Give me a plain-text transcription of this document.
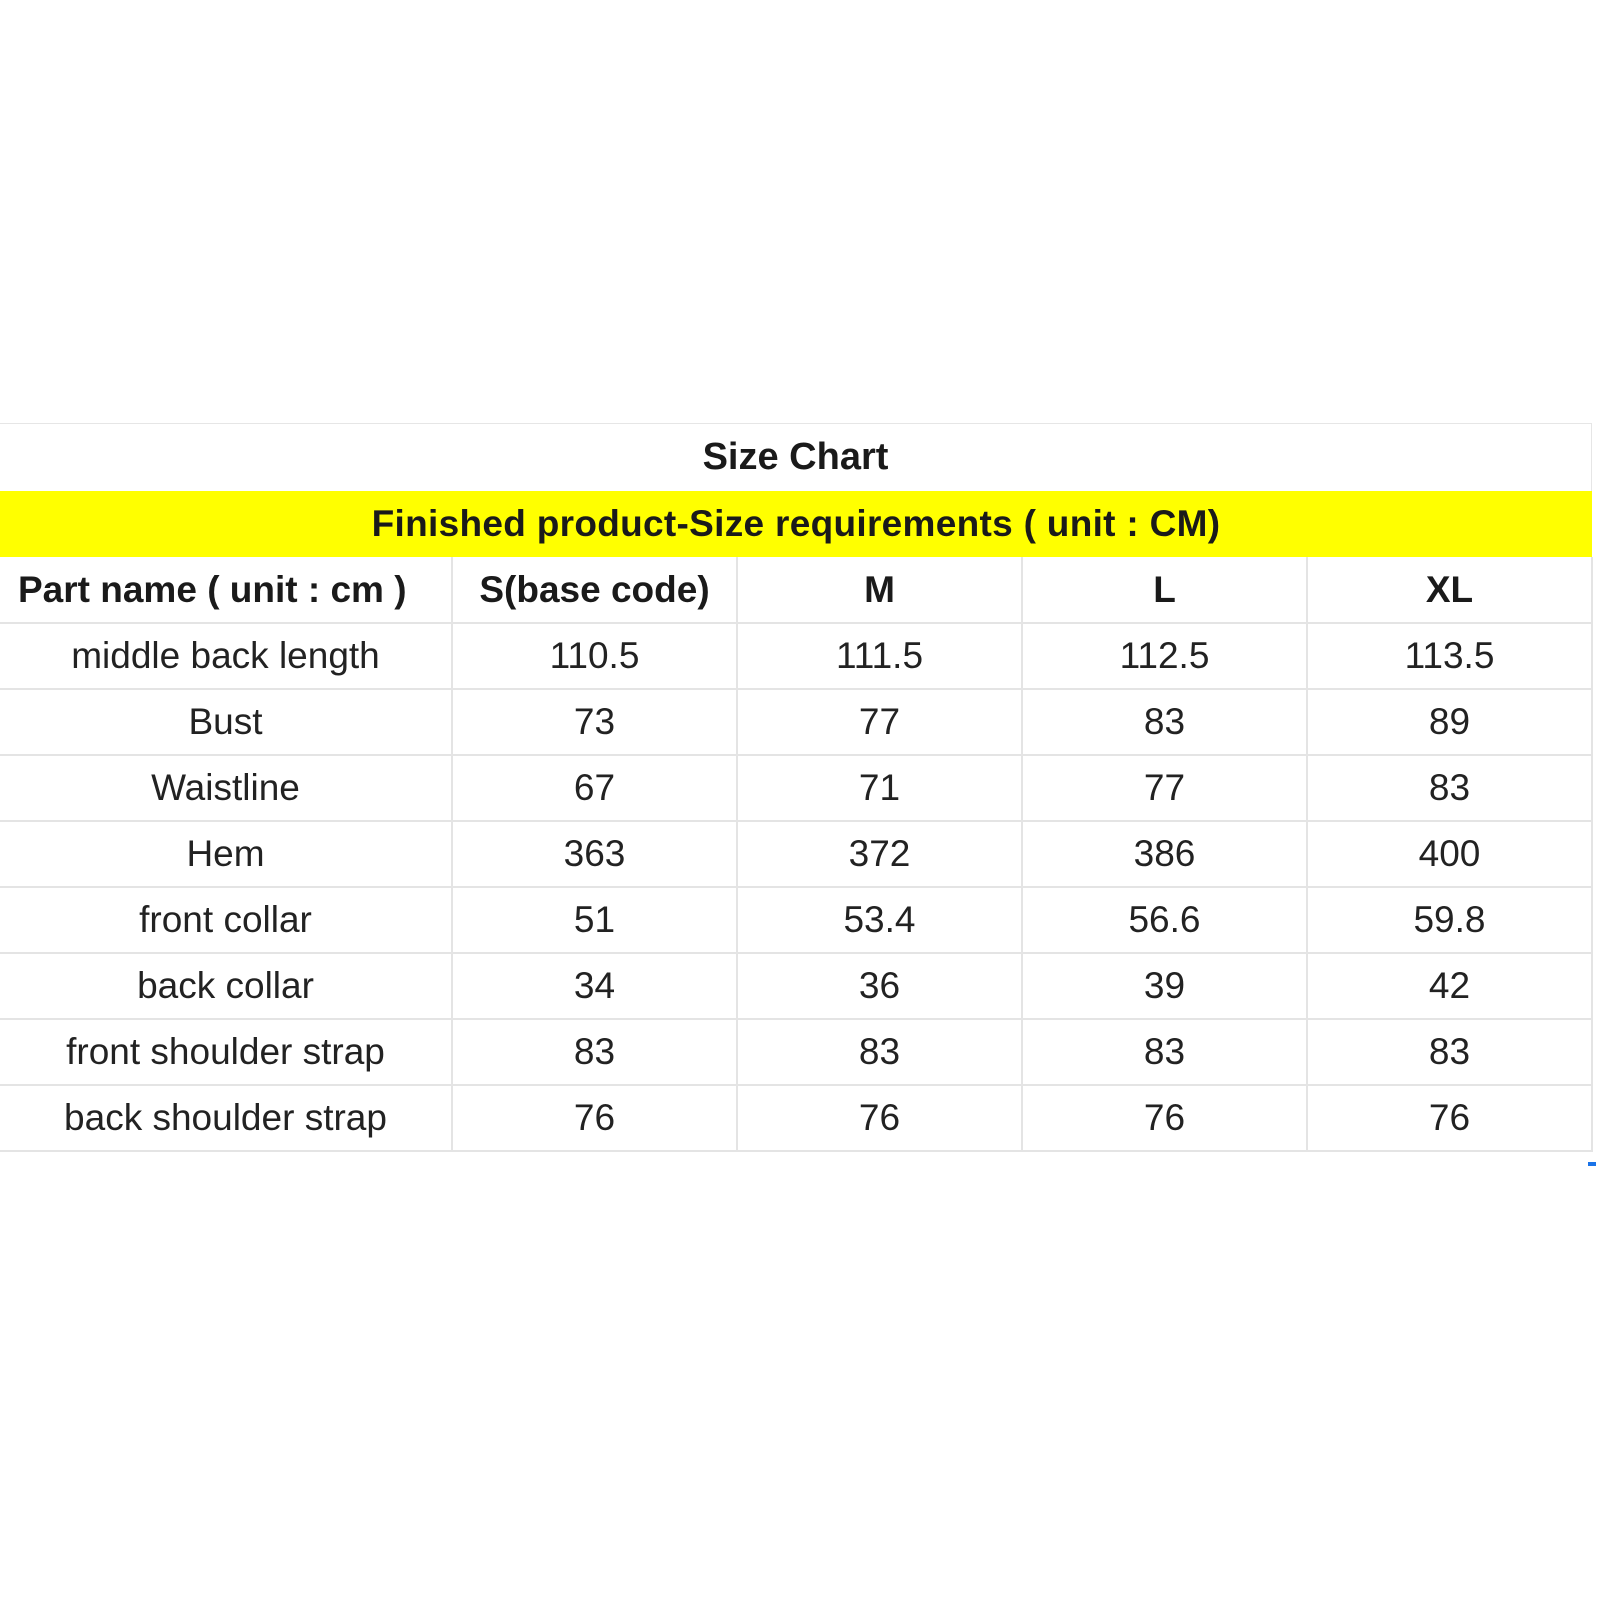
Size Chart
Finished product-Size requirements ( unit : CM)
Part name ( unit : cm )	S(base code)	M	L	XL
middle back length	110.5	111.5	112.5	113.5
Bust	73	77	83	89
Waistline	67	71	77	83
Hem	363	372	386	400
front collar	51	53.4	56.6	59.8
back collar	34	36	39	42
front shoulder strap	83	83	83	83
back shoulder strap	76	76	76	76
